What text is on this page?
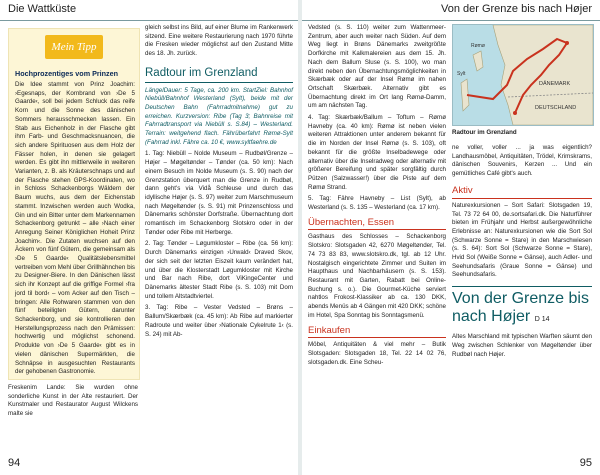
Die Wattküste	Von der Grenze bis nach Højer
Mein Tipp
Hochprozentiges vom Prinzen
Die Idee stammt von Prinz Joachim: ›Egesnaps, der Kornbrand von ›De 5 Gaarde‹, soll bei jedem Schluck das reife Korn und die Sonne des dänischen Sommers herausschmecken lassen. Ein Stab aus Eichenholz in der Flasche gibt ihm Farb- und Geschmacksnuancen, die sich andere Spirituosen aus dem Holz der Fässer holen, in denen sie gelagert werden. Es gibt ihn mittlerweile in weiteren Varianten, z. B. als Kräuterschnaps und auf der Flasche stehen GPS-Koordinaten, wo in Schloss Schackenborgs Wäldern der Baum wuchs, aus dem der Eichenstab stammt. Inzwischen werden auch Wodka, Gin und ein Bitter unter dem Markennamen Schackenborg getrunkt – alle ›Nach einer Anregung Seiner Königlichen Hoheit Prinz Joachim‹. Die Zutaten wuchsen auf den Äckern von fünf Gütern, die gemeinsam als ›De 5 Gaarde‹ Qualitätslebensmittel vertreiben vom Mehl über Grillhähnchen bis zu Designer-Biere. In den Dänischen lässt sich ihr Konzept auf die griffige Formel ›fra jord til bord‹ – vom Acker auf den Tisch – bringen: Alle Rohwaren stammen von den fünf beteiligten Gütern, darunter Schackenborg, und sie kontrollieren den Herstellungsprozess nach den Prämissen: hochwertig und möglichst schonend. Produkte von ›De 5 Gaarde‹ gibt es in vielen dänischen Supermärkten, die Schnäpse in ausgesuchten Restaurants der gehobenen Gastronomie.
Freskenim Lande: Sie wurden ohne sonderliche Kunst in der Alte restauriert. Der Kunstmaler und Restaurator August Wilckens malte sie
gleich selbst ins Bild, auf einer Blume im Rankenwerk sitzend. Eine weitere Restaurierung nach 1970 führte die Fresken wieder möglichst auf den Zustand Mitte des 18. Jh. zurück.
Radtour im Grenzland
LängelDauer: 5 Tage, ca. 200 km. StartZiel: Bahnhof Niebüll/Bahnhof Westerland (Sylt), beide mit der Deutschen Bahn (Fahrradmitnahme) gut zu erreichen. Kurzversion: Ribe (Tag 3; Bahnreise mit Fahrradtransport via Niebüll s. S.84) – Westerland. Terrain: weitgehend flach. Fährüberfahrt Rømø-Sylt (Fahrrad inkl. Fähre ca. 10 €, www.syltfaehre.de
1. Tag: Niebüll – Nolde Museum – Rudbøl/Grenze – Højer – Møgeltønder – Tønder (ca. 50 km): Nach einem Besuch im Nolde Museum (s. S. 90) nach der Grenzstation überquert man die Grenze in Rudbøl, dann geht's via Vidå Schleuse und durch das idyllische Højer (s. S. 97) weiter zum Marschmuseum nach Møgeltønder (s. S. 91) mit Prinzenschloss und Dänemarks schönster Dorfstraße. Übernachtung dort romantisch im Schackenborg Slotskro oder in der Tønder oder Ribe mit Herberge.
2. Tag: Tønder – Løgumkloster – Ribe (ca. 56 km): Durch Dänemarks einzigen ›Urwald‹ Draved Skov, der sich seit der letzten Eiszeit kaum verändert hat, und über die Klosterstadt Løgumkloster mit Kirche und Bar nach Ribe, dort ViKingeCenter und Dänemarks ältester Stadt Ribe (s. S. 103) mit Dom und tollem Altstadtviertel.
3. Tag: Ribe – Vester Vedsted – Brøns – Ballum/Skærbæk (ca. 45 km): Ab Ribe auf markierter Radroute und weiter über ›Nationale Cykelrute 1‹ (s. S. 24) mit Ab-
Vedsted (s. S. 110) weiter zum Wattenmeer-Zentrum, aber auch weiter nach Süden. Auf dem Weg liegt in Brøns Dänemarks zweitgrößte Dorfkirche mit Kalkmalereien aus dem 15. Jh. Nach dem Ballum Sluse (s. S. 100), wo man direkt neben den Übernachtungsmöglichkeiten in Skærbæk oder auf der Insel Rømø im nahen Ortschaft Skærbæk. Alternativ gibt es Übernachtung direkt im Ort lang Rømø-Damm, um am nächsten Tag.
4. Tag: Skærbæk/Ballum – Toftum – Rømø Havneby (ca. 40 km): Rømø ist neben vielen weiteren Attraktionen unter anderem bekannt für die im Norden der Insel Rømø (s. S. 103), oft bekannt für die größte Inselbadewege oder alternativ über die Inselradweg oder alternativ mit größerer Bereifung und später sorgfältig durch Pützen (Salzwasser!) über die Piste auf dem Rømø Strand.
5. Tag: Fähre Havneby – List (Sylt), ab Westerland (s. S. 135 – Westerland (ca. 17 km).
Übernachten, Essen
Gasthaus des Schlosses – Schackenborg Slotskro: Slotsgaden 42, 6270 Møgeltønder, Tel. 74 73 83 83, www.slotskro.dk, tgl. ab 12 Uhr. Nostalgisch eingerichtete Zimmer und Suiten im Haupthaus und Nachbarhäusern (s. S. 153). Restaurant mit Garten, Rabatt bei Online-Buchung s. o.). Die Gourmet-Küche serviert nahtlos Frokost-Klassiker ab ca. 130 DKK, abends Menüs ab 4 Gängen mit 420 DKK; schöne im Hotel, Spa Sonntag bis Sonntagsmenü.
Einkaufen
Möbel, Antiquitäten & viel mehr – Butik Slotsgaden: Slotsgaden 18, Tel. 22 14 02 76, slotsgaden.dk. Eine Scheu-
Rømø
Sylt
DÄNEMARK
DEUTSCHLAND
Radtour im Grenzland
ne voller, voller ... ja was eigentlich? Landhausmöbel, Antiquitäten, Trödel, Krimskrams, dänischen Souvenirs, Kerzen ... Und ein gemütliches Café gibt's auch.
Aktiv
Naturexkursionen – Sort Safari: Slotsgaden 19, Tel. 73 72 64 00, de.sortsafari.dk. Die Naturführer bieten im Frühjahr und Herbst außergewöhnliche Erlebnisse an: Naturexkursionen wie die Sort Sol (Schwarze Sonne = Stare) in den Marschwiesen (s. S. 64): Sort Sol (Schwarze Sonne = Stare), Hvid Sol (Weiße Sonne = Gänse), auch Adler- und Seehundsafaris (Graue Sonne = Gänse) und Seehundsafaris.
Von der Grenze bis nach Højer D 14
Altes Marschland mit typischen Warften säumt den Weg zwischen Schlenker von Møgeltønder über Rudbøl nach Højer.
94	95
